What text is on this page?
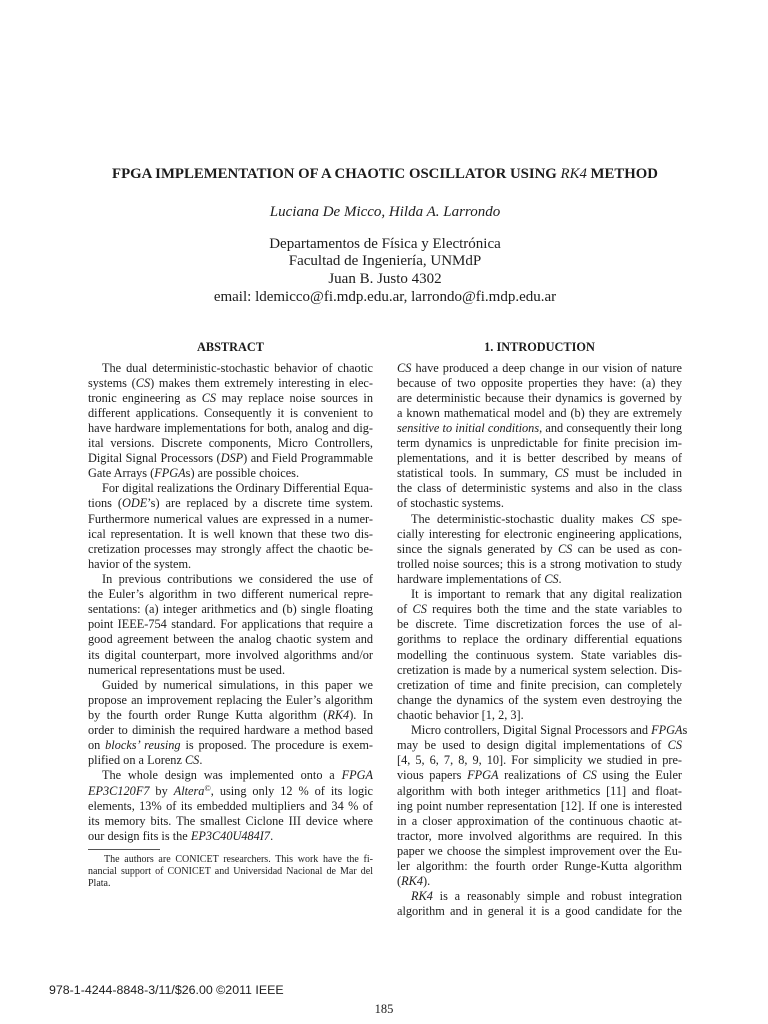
FPGA IMPLEMENTATION OF A CHAOTIC OSCILLATOR USING RK4 METHOD
Luciana De Micco, Hilda A. Larrondo
Departamentos de Física y Electrónica
Facultad de Ingeniería, UNMdP
Juan B. Justo 4302
email: ldemicco@fi.mdp.edu.ar, larrondo@fi.mdp.edu.ar
ABSTRACT
The dual deterministic-stochastic behavior of chaotic
systems (CS) makes them extremely interesting in elec-
tronic engineering as CS may replace noise sources in
different applications. Consequently it is convenient to
have hardware implementations for both, analog and dig-
ital versions. Discrete components, Micro Controllers,
Digital Signal Processors (DSP) and Field Programmable
Gate Arrays (FPGAs) are possible choices.
For digital realizations the Ordinary Differential Equa-
tions (ODE’s) are replaced by a discrete time system.
Furthermore numerical values are expressed in a numer-
ical representation. It is well known that these two dis-
cretization processes may strongly affect the chaotic be-
havior of the system.
In previous contributions we considered the use of
the Euler’s algorithm in two different numerical repre-
sentations: (a) integer arithmetics and (b) single floating
point IEEE-754 standard. For applications that require a
good agreement between the analog chaotic system and
its digital counterpart, more involved algorithms and/or
numerical representations must be used.
Guided by numerical simulations, in this paper we
propose an improvement replacing the Euler’s algorithm
by the fourth order Runge Kutta algorithm (RK4). In
order to diminish the required hardware a method based
on blocks’ reusing is proposed. The procedure is exem-
plified on a Lorenz CS.
The whole design was implemented onto a FPGA
EP3C120F7 by Altera©, using only 12 % of its logic
elements, 13% of its embedded multipliers and 34 % of
its memory bits. The smallest Ciclone III device where
our design fits is the EP3C40U484I7.
The authors are CONICET researchers. This work have the fi-
nancial support of CONICET and Universidad Nacional de Mar del
Plata.
1. INTRODUCTION
CS have produced a deep change in our vision of nature
because of two opposite properties they have: (a) they
are deterministic because their dynamics is governed by
a known mathematical model and (b) they are extremely
sensitive to initial conditions, and consequently their long
term dynamics is unpredictable for finite precision im-
plementations, and it is better described by means of
statistical tools. In summary, CS must be included in
the class of deterministic systems and also in the class
of stochastic systems.
The deterministic-stochastic duality makes CS spe-
cially interesting for electronic engineering applications,
since the signals generated by CS can be used as con-
trolled noise sources; this is a strong motivation to study
hardware implementations of CS.
It is important to remark that any digital realization
of CS requires both the time and the state variables to
be discrete. Time discretization forces the use of al-
gorithms to replace the ordinary differential equations
modelling the continuous system. State variables dis-
cretization is made by a numerical system selection. Dis-
cretization of time and finite precision, can completely
change the dynamics of the system even destroying the
chaotic behavior [1, 2, 3].
Micro controllers, Digital Signal Processors and FPGAs
may be used to design digital implementations of CS
[4, 5, 6, 7, 8, 9, 10]. For simplicity we studied in pre-
vious papers FPGA realizations of CS using the Euler
algorithm with both integer arithmetics [11] and float-
ing point number representation [12]. If one is interested
in a closer approximation of the continuous chaotic at-
tractor, more involved algorithms are required. In this
paper we choose the simplest improvement over the Eu-
ler algorithm: the fourth order Runge-Kutta algorithm
(RK4).
RK4 is a reasonably simple and robust integration
algorithm and in general it is a good candidate for the
978-1-4244-8848-3/11/$26.00 ©2011 IEEE
185
